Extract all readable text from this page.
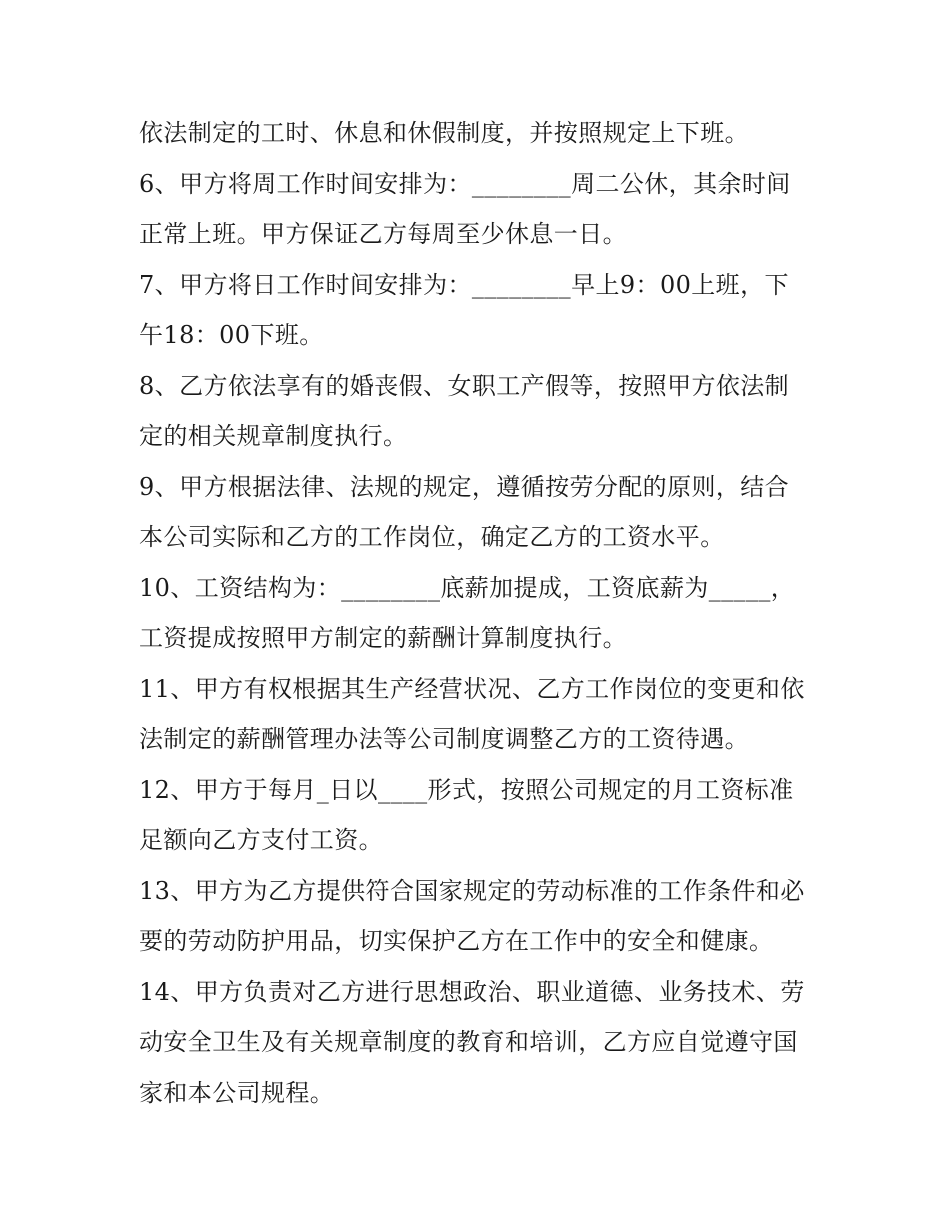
依法制定的工时、休息和休假制度，并按照规定上下班。
6、甲方将周工作时间安排为：________周二公休，其余时间
正常上班。甲方保证乙方每周至少休息一日。
7、甲方将日工作时间安排为：________早上9：00上班，下
午18：00下班。
8、乙方依法享有的婚丧假、女职工产假等，按照甲方依法制
定的相关规章制度执行。
9、甲方根据法律、法规的规定，遵循按劳分配的原则，结合
本公司实际和乙方的工作岗位，确定乙方的工资水平。
10、工资结构为：________底薪加提成，工资底薪为_____，
工资提成按照甲方制定的薪酬计算制度执行。
11、甲方有权根据其生产经营状况、乙方工作岗位的变更和依
法制定的薪酬管理办法等公司制度调整乙方的工资待遇。
12、甲方于每月_日以____形式，按照公司规定的月工资标准
足额向乙方支付工资。
13、甲方为乙方提供符合国家规定的劳动标准的工作条件和必
要的劳动防护用品，切实保护乙方在工作中的安全和健康。
14、甲方负责对乙方进行思想政治、职业道德、业务技术、劳
动安全卫生及有关规章制度的教育和培训，乙方应自觉遵守国
家和本公司规程。
